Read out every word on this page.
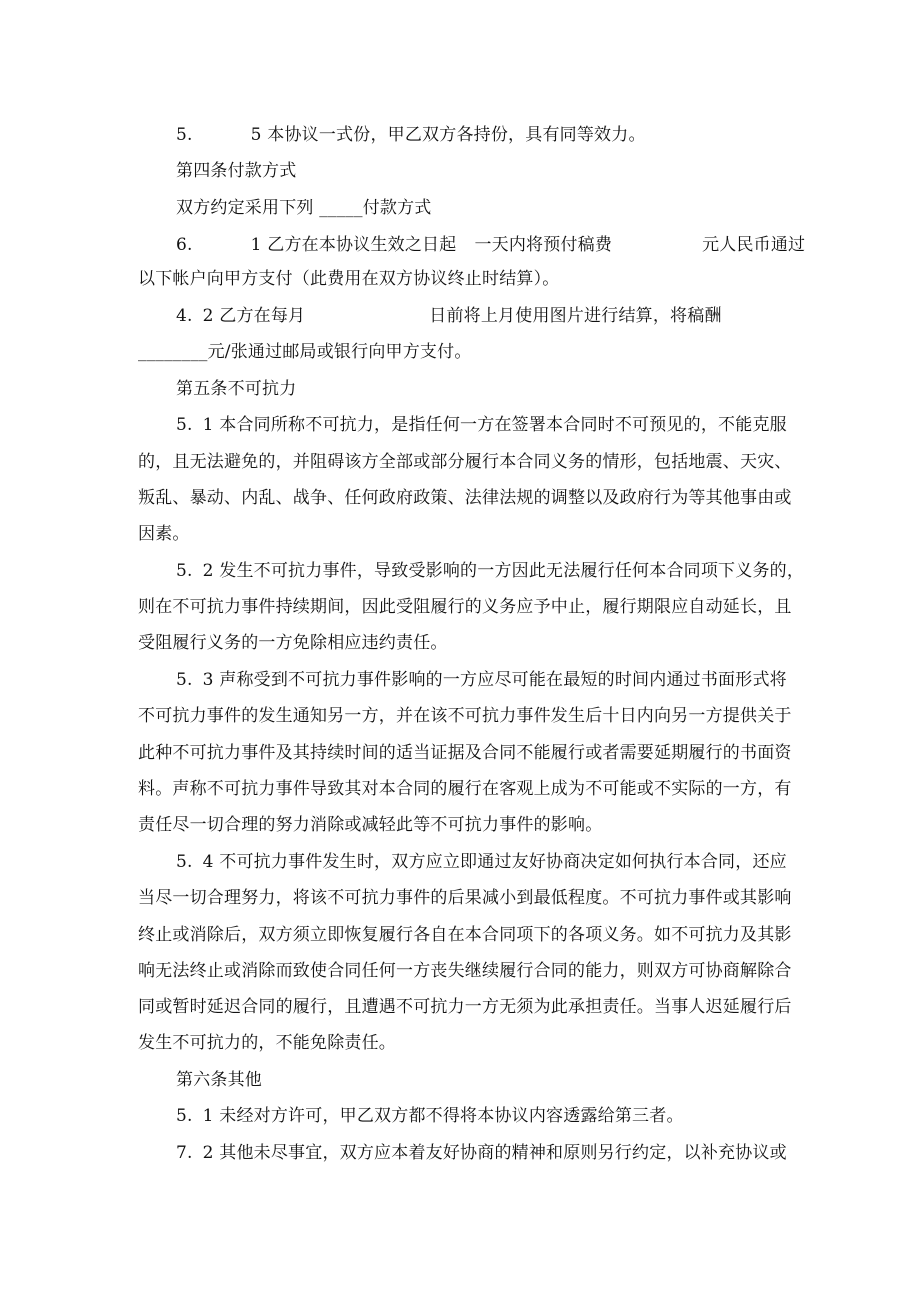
5.	5 本协议一式份，甲乙双方各持份，具有同等效力。
第四条付款方式
双方约定采用下列 _____付款方式
6.	1 乙方在本协议生效之日起 一天内将预付稿费	元人民币通过
以下帐户向甲方支付（此费用在双方协议终止时结算）。
4. 2 乙方在每月	日前将上月使用图片进行结算，将稿酬
________元/张通过邮局或银行向甲方支付。
第五条不可抗力
5. 1 本合同所称不可抗力，是指任何一方在签署本合同时不可预见的，不能克服
的，且无法避免的，并阻碍该方全部或部分履行本合同义务的情形，包括地震、天灾、
叛乱、暴动、内乱、战争、任何政府政策、法律法规的调整以及政府行为等其他事由或
因素。
5. 2 发生不可抗力事件，导致受影响的一方因此无法履行任何本合同项下义务的，
则在不可抗力事件持续期间，因此受阻履行的义务应予中止，履行期限应自动延长，且
受阻履行义务的一方免除相应违约责任。
5. 3 声称受到不可抗力事件影响的一方应尽可能在最短的时间内通过书面形式将
不可抗力事件的发生通知另一方，并在该不可抗力事件发生后十日内向另一方提供关于
此种不可抗力事件及其持续时间的适当证据及合同不能履行或者需要延期履行的书面资
料。声称不可抗力事件导致其对本合同的履行在客观上成为不可能或不实际的一方，有
责任尽一切合理的努力消除或减轻此等不可抗力事件的影响。
5. 4 不可抗力事件发生时，双方应立即通过友好协商决定如何执行本合同，还应
当尽一切合理努力，将该不可抗力事件的后果减小到最低程度。不可抗力事件或其影响
终止或消除后，双方须立即恢复履行各自在本合同项下的各项义务。如不可抗力及其影
响无法终止或消除而致使合同任何一方丧失继续履行合同的能力，则双方可协商解除合
同或暂时延迟合同的履行，且遭遇不可抗力一方无须为此承担责任。当事人迟延履行后
发生不可抗力的，不能免除责任。
第六条其他
5. 1 未经对方许可，甲乙双方都不得将本协议内容透露给第三者。
7. 2 其他未尽事宜，双方应本着友好协商的精神和原则另行约定，以补充协议或
